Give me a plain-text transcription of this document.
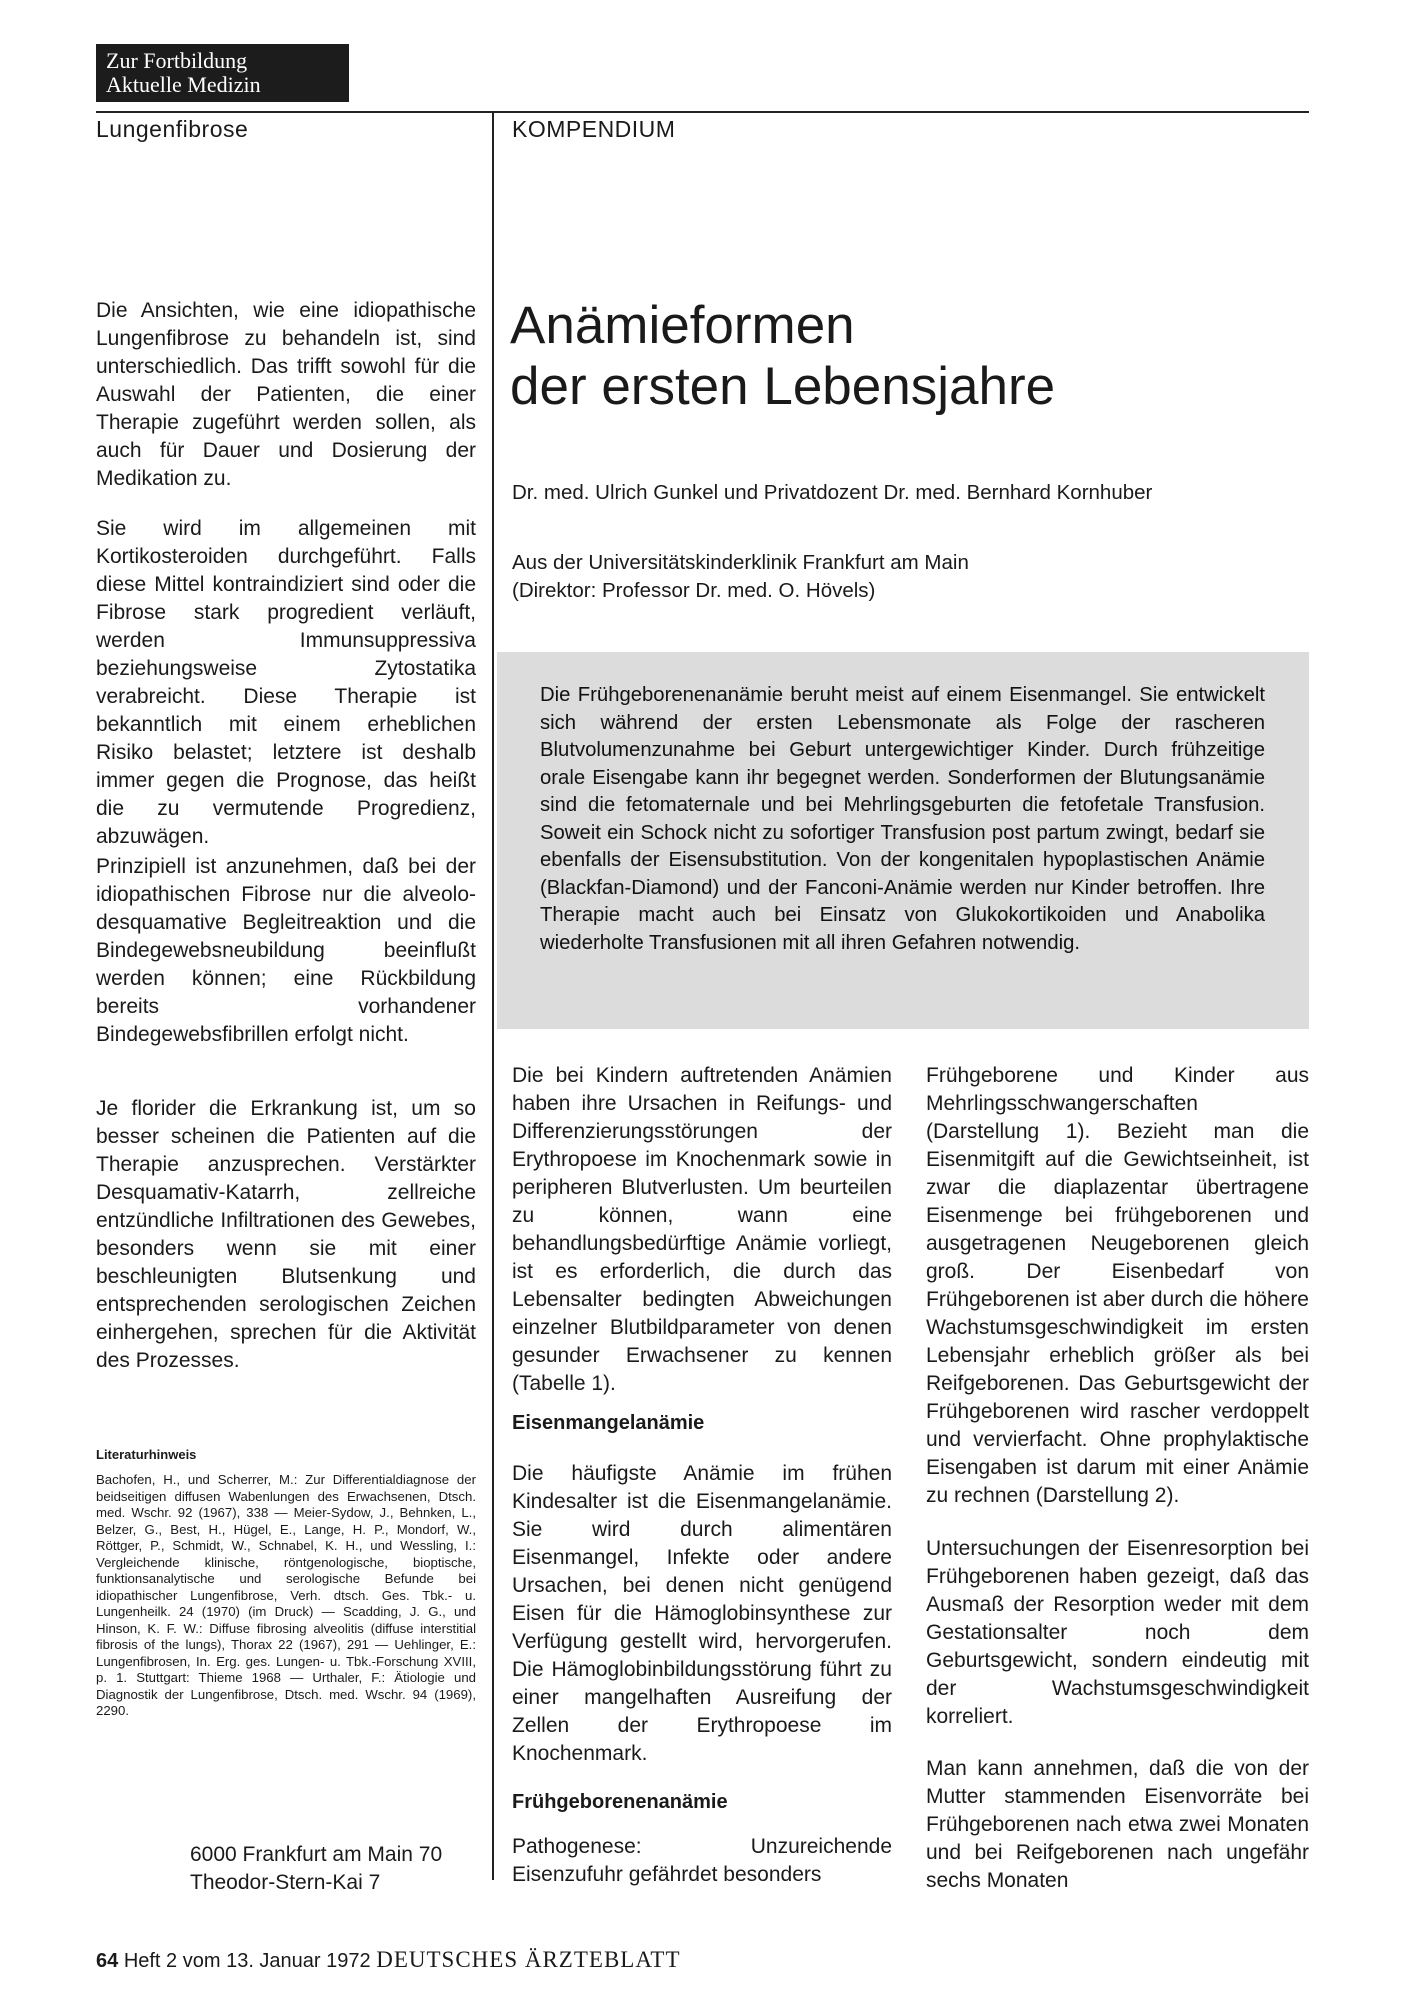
Zur Fortbildung
Aktuelle Medizin
Lungenfibrose	KOMPENDIUM

Die Ansichten, wie eine idiopathische Lungenfibrose zu behandeln ist, sind unterschiedlich. Das trifft sowohl für die Auswahl der Patienten, die einer Therapie zugeführt werden sollen, als auch für Dauer und Dosierung der Medikation zu.

Sie wird im allgemeinen mit Kortikosteroiden durchgeführt. Falls diese Mittel kontraindiziert sind oder die Fibrose stark progredient verläuft, werden Immunsuppressiva beziehungsweise Zytostatika verabreicht. Diese Therapie ist bekanntlich mit einem erheblichen Risiko belastet; letztere ist deshalb immer gegen die Prognose, das heißt die zu vermutende Progredienz, abzuwägen.

Prinzipiell ist anzunehmen, daß bei der idiopathischen Fibrose nur die alveolo-desquamative Begleitreaktion und die Bindegewebsneubildung beeinflußt werden können; eine Rückbildung bereits vorhandener Bindegewebsfibrillen erfolgt nicht.

Je florider die Erkrankung ist, um so besser scheinen die Patienten auf die Therapie anzusprechen. Verstärkter Desquamativ-Katarrh, zellreiche entzündliche Infiltrationen des Gewebes, besonders wenn sie mit einer beschleunigten Blutsenkung und entsprechenden serologischen Zeichen einhergehen, sprechen für die Aktivität des Prozesses.

Literaturhinweis

Bachofen, H., und Scherrer, M.: Zur Differentialdiagnose der beidseitigen diffusen Wabenlungen des Erwachsenen, Dtsch. med. Wschr. 92 (1967), 338 — Meier-Sydow, J., Behnken, L., Belzer, G., Best, H., Hügel, E., Lange, H. P., Mondorf, W., Röttger, P., Schmidt, W., Schnabel, K. H., und Wessling, I.: Vergleichende klinische, röntgenologische, bioptische, funktionsanalytische und serologische Befunde bei idiopathischer Lungenfibrose, Verh. dtsch. Ges. Tbk.- u. Lungenheilk. 24 (1970) (im Druck) — Scadding, J. G., und Hinson, K. F. W.: Diffuse fibrosing alveolitis (diffuse interstitial fibrosis of the lungs), Thorax 22 (1967), 291 — Uehlinger, E.: Lungenfibrosen, In. Erg. ges. Lungen- u. Tbk.-Forschung XVIII, p. 1. Stuttgart: Thieme 1968 — Urthaler, F.: Ätiologie und Diagnostik der Lungenfibrose, Dtsch. med. Wschr. 94 (1969), 2290.

6000 Frankfurt am Main 70
Theodor-Stern-Kai 7
Anämieformen
der ersten Lebensjahre
Dr. med. Ulrich Gunkel und Privatdozent Dr. med. Bernhard Kornhuber
Aus der Universitätskinderklinik Frankfurt am Main
(Direktor: Professor Dr. med. O. Hövels)

Die Frühgeborenenanämie beruht meist auf einem Eisenmangel. Sie entwickelt sich während der ersten Lebensmonate als Folge der rascheren Blutvolumenzunahme bei Geburt untergewichtiger Kinder. Durch frühzeitige orale Eisengabe kann ihr begegnet werden. Sonderformen der Blutungsanämie sind die fetomaternale und bei Mehrlingsgeburten die fetofetale Transfusion. Soweit ein Schock nicht zu sofortiger Transfusion post partum zwingt, bedarf sie ebenfalls der Eisensubstitution. Von der kongenitalen hypoplastischen Anämie (Blackfan-Diamond) und der Fanconi-Anämie werden nur Kinder betroffen. Ihre Therapie macht auch bei Einsatz von Glukokortikoiden und Anabolika wiederholte Transfusionen mit all ihren Gefahren notwendig.

Die bei Kindern auftretenden Anämien haben ihre Ursachen in Reifungs- und Differenzierungsstörungen der Erythropoese im Knochenmark sowie in peripheren Blutverlusten. Um beurteilen zu können, wann eine behandlungsbedürftige Anämie vorliegt, ist es erforderlich, die durch das Lebensalter bedingten Abweichungen einzelner Blutbildparameter von denen gesunder Erwachsener zu kennen (Tabelle 1).

Eisenmangelanämie

Die häufigste Anämie im frühen Kindesalter ist die Eisenmangelanämie. Sie wird durch alimentären Eisenmangel, Infekte oder andere Ursachen, bei denen nicht genügend Eisen für die Hämoglobinsynthese zur Verfügung gestellt wird, hervorgerufen. Die Hämoglobinbildungsstörung führt zu einer mangelhaften Ausreifung der Zellen der Erythropoese im Knochenmark.

Frühgeborenenanämie

Pathogenese: Unzureichende Eisenzufuhr gefährdet besonders

Frühgeborene und Kinder aus Mehrlingsschwangerschaften (Darstellung 1). Bezieht man die Eisenmitgift auf die Gewichtseinheit, ist zwar die diaplazentar übertragene Eisenmenge bei frühgeborenen und ausgetragenen Neugeborenen gleich groß. Der Eisenbedarf von Frühgeborenen ist aber durch die höhere Wachstumsgeschwindigkeit im ersten Lebensjahr erheblich größer als bei Reifgeborenen. Das Geburtsgewicht der Frühgeborenen wird rascher verdoppelt und vervierfacht. Ohne prophylaktische Eisengaben ist darum mit einer Anämie zu rechnen (Darstellung 2).

Untersuchungen der Eisenresorption bei Frühgeborenen haben gezeigt, daß das Ausmaß der Resorption weder mit dem Gestationsalter noch dem Geburtsgewicht, sondern eindeutig mit der Wachstumsgeschwindigkeit korreliert.

Man kann annehmen, daß die von der Mutter stammenden Eisenvorräte bei Frühgeborenen nach etwa zwei Monaten und bei Reifgeborenen nach ungefähr sechs Monaten

64 Heft 2 vom 13. Januar 1972 DEUTSCHES ÄRZTEBLATT
